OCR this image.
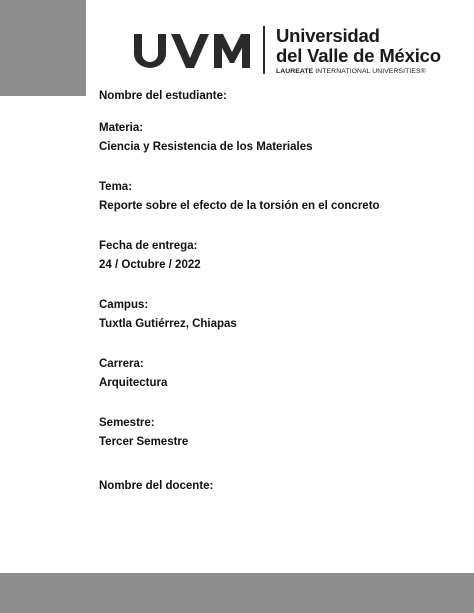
Universidad
del Valle de México
LAUREATE INTERNATIONAL UNIVERSITIES®

Nombre del estudiante:

Materia:

Ciencia y Resistencia de los Materiales

Tema:

Reporte sobre el efecto de la torsión en el concreto

Fecha de entrega:

24 / Octubre / 2022

Campus:

Tuxtla Gutiérrez, Chiapas

Carrera:

Arquitectura

Semestre:

Tercer Semestre

Nombre del docente:
